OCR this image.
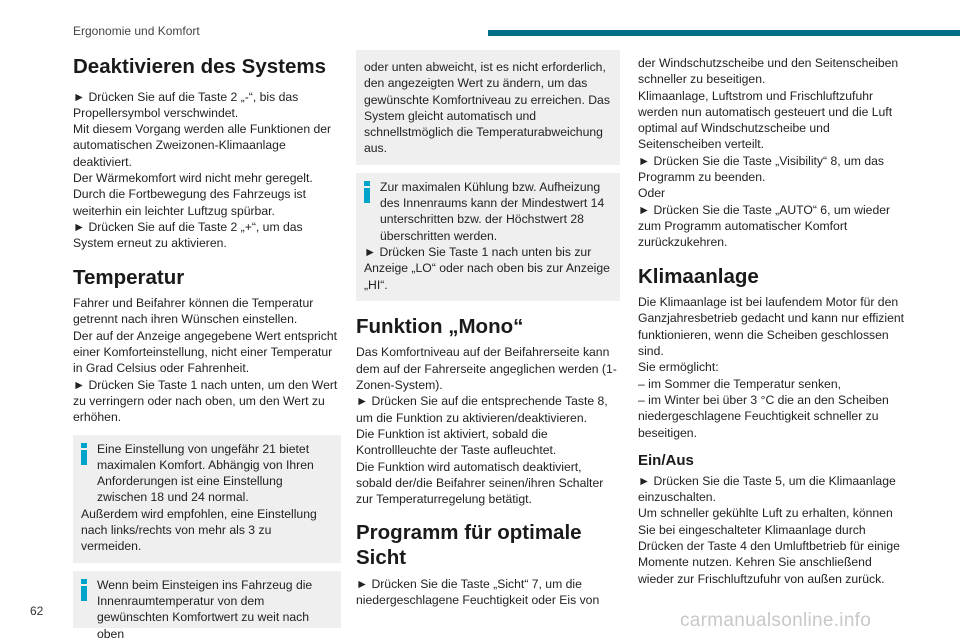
Ergonomie und Komfort
Deaktivieren des Systems

► Drücken Sie auf die Taste 2 „-“, bis das Propellersymbol verschwindet.

Mit diesem Vorgang werden alle Funktionen der automatischen Zweizonen-Klimaanlage deaktiviert.

Der Wärmekomfort wird nicht mehr geregelt. Durch die Fortbewegung des Fahrzeugs ist weiterhin ein leichter Luftzug spürbar.

► Drücken Sie auf die Taste 2 „+“, um das System erneut zu aktivieren.

Temperatur

Fahrer und Beifahrer können die Temperatur getrennt nach ihren Wünschen einstellen.

Der auf der Anzeige angegebene Wert entspricht einer Komforteinstellung, nicht einer Temperatur in Grad Celsius oder Fahrenheit.

► Drücken Sie Taste 1 nach unten, um den Wert zu verringern oder nach oben, um den Wert zu erhöhen.

Eine Einstellung von ungefähr 21 bietet maximalen Komfort. Abhängig von Ihren Anforderungen ist eine Einstellung zwischen 18 und 24 normal.

Außerdem wird empfohlen, eine Einstellung nach links/rechts von mehr als 3 zu vermeiden.

Wenn beim Einsteigen ins Fahrzeug die Innenraumtemperatur von dem gewünschten Komfortwert zu weit nach oben

oder unten abweicht, ist es nicht erforderlich, den angezeigten Wert zu ändern, um das gewünschte Komfortniveau zu erreichen. Das System gleicht automatisch und schnellstmöglich die Temperaturabweichung aus.

Zur maximalen Kühlung bzw. Aufheizung des Innenraums kann der Mindestwert 14 unterschritten bzw. der Höchstwert 28 überschritten werden.

► Drücken Sie Taste 1 nach unten bis zur Anzeige „LO“ oder nach oben bis zur Anzeige „HI“.

Funktion „Mono“

Das Komfortniveau auf der Beifahrerseite kann dem auf der Fahrerseite angeglichen werden (1-Zonen-System).

► Drücken Sie auf die entsprechende Taste 8, um die Funktion zu aktivieren/deaktivieren.

Die Funktion ist aktiviert, sobald die Kontrollleuchte der Taste aufleuchtet.

Die Funktion wird automatisch deaktiviert, sobald der/die Beifahrer seinen/ihren Schalter zur Temperaturregelung betätigt.

Programm für optimale Sicht

► Drücken Sie die Taste „Sicht“ 7, um die niedergeschlagene Feuchtigkeit oder Eis von

der Windschutzscheibe und den Seitenscheiben schneller zu beseitigen.

Klimaanlage, Luftstrom und Frischluftzufuhr werden nun automatisch gesteuert und die Luft optimal auf Windschutzscheibe und Seitenscheiben verteilt.

► Drücken Sie die Taste „Visibility“ 8, um das Programm zu beenden.

Oder

► Drücken Sie die Taste „AUTO“ 6, um wieder zum Programm automatischer Komfort zurückzukehren.

Klimaanlage

Die Klimaanlage ist bei laufendem Motor für den Ganzjahresbetrieb gedacht und kann nur effizient funktionieren, wenn die Scheiben geschlossen sind.

Sie ermöglicht:

– im Sommer die Temperatur senken,

– im Winter bei über 3 °C die an den Scheiben niedergeschlagene Feuchtigkeit schneller zu beseitigen.

Ein/Aus

► Drücken Sie die Taste 5, um die Klimaanlage einzuschalten.

Um schneller gekühlte Luft zu erhalten, können Sie bei eingeschalteter Klimaanlage durch Drücken der Taste 4 den Umluftbetrieb für einige Momente nutzen. Kehren Sie anschließend wieder zur Frischluftzufuhr von außen zurück.

62	carmanualsonline.info
